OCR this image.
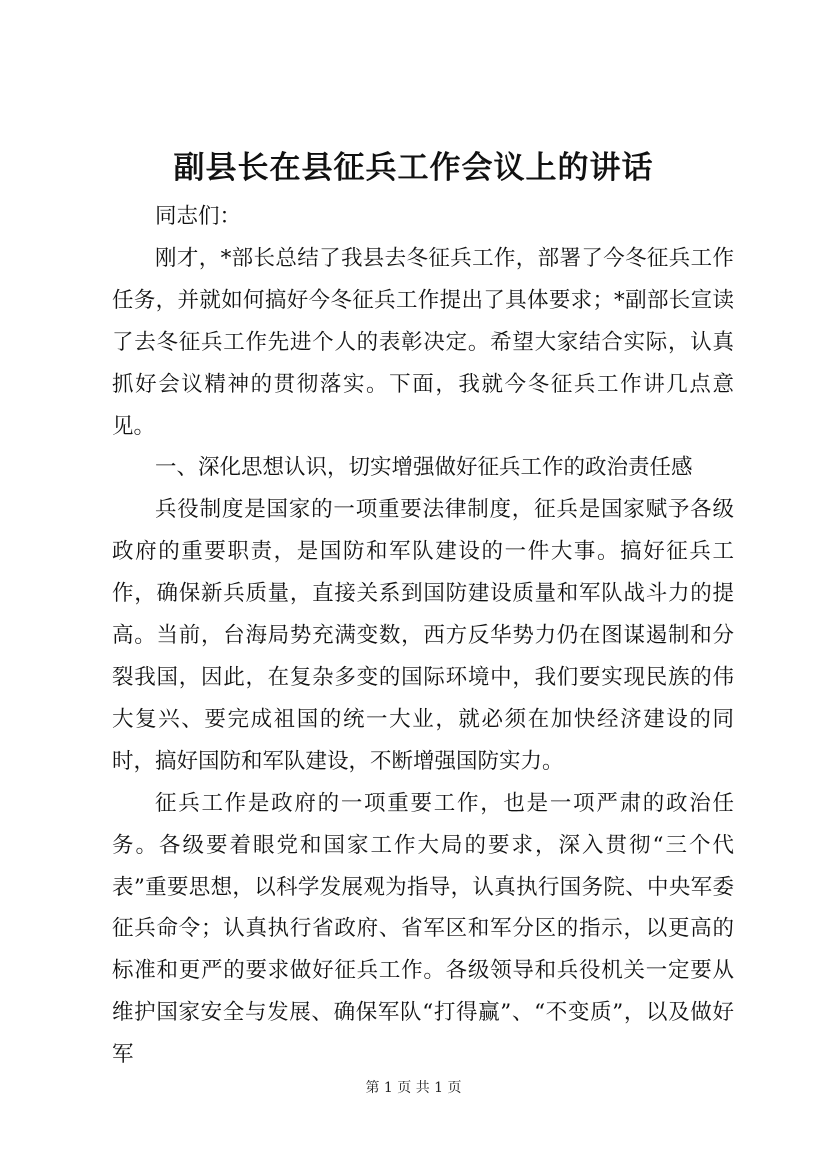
副县长在县征兵工作会议上的讲话

同志们：

刚才，*部长总结了我县去冬征兵工作，部署了今冬征兵工作任务，并就如何搞好今冬征兵工作提出了具体要求；*副部长宣读了去冬征兵工作先进个人的表彰决定。希望大家结合实际，认真抓好会议精神的贯彻落实。下面，我就今冬征兵工作讲几点意见。

一、深化思想认识，切实增强做好征兵工作的政治责任感

兵役制度是国家的一项重要法律制度，征兵是国家赋予各级政府的重要职责，是国防和军队建设的一件大事。搞好征兵工作，确保新兵质量，直接关系到国防建设质量和军队战斗力的提高。当前，台海局势充满变数，西方反华势力仍在图谋遏制和分裂我国，因此，在复杂多变的国际环境中，我们要实现民族的伟大复兴、要完成祖国的统一大业，就必须在加快经济建设的同时，搞好国防和军队建设，不断增强国防实力。

征兵工作是政府的一项重要工作，也是一项严肃的政治任务。各级要着眼党和国家工作大局的要求，深入贯彻“三个代表”重要思想，以科学发展观为指导，认真执行国务院、中央军委征兵命令；认真执行省政府、省军区和军分区的指示，以更高的标准和更严的要求做好征兵工作。各级领导和兵役机关一定要从维护国家安全与发展、确保军队“打得赢”、“不变质”，以及做好军

第 1 页 共 1 页
